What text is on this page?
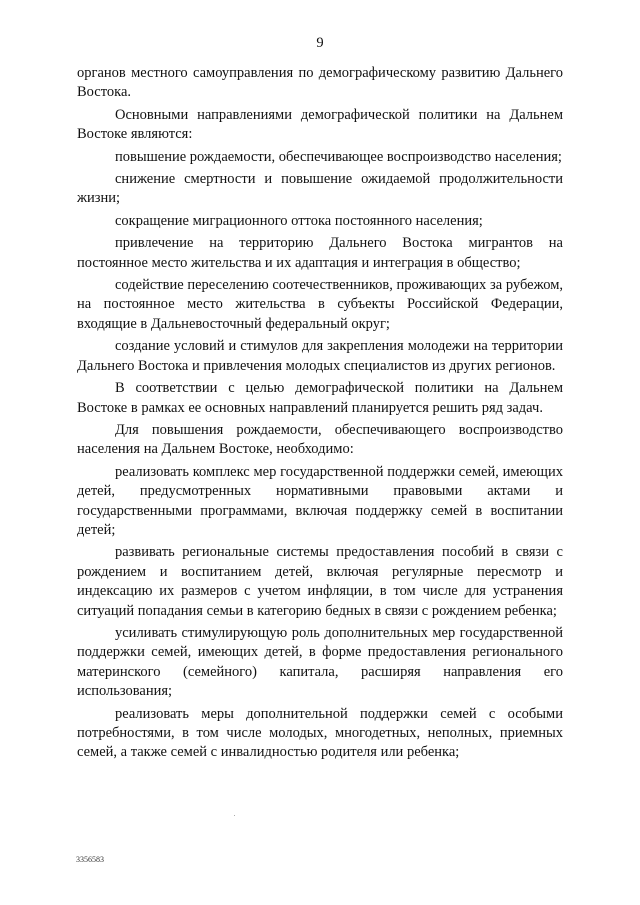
9

органов местного самоуправления по демографическому развитию Дальнего Востока.

Основными направлениями демографической политики на Дальнем Востоке являются:

повышение рождаемости, обеспечивающее воспроизводство населения;

снижение смертности и повышение ожидаемой продолжительности жизни;

сокращение миграционного оттока постоянного населения;

привлечение на территорию Дальнего Востока мигрантов на постоянное место жительства и их адаптация и интеграция в общество;

содействие переселению соотечественников, проживающих за рубежом, на постоянное место жительства в субъекты Российской Федерации, входящие в Дальневосточный федеральный округ;

создание условий и стимулов для закрепления молодежи на территории Дальнего Востока и привлечения молодых специалистов из других регионов.

В соответствии с целью демографической политики на Дальнем Востоке в рамках ее основных направлений планируется решить ряд задач.

Для повышения рождаемости, обеспечивающего воспроизводство населения на Дальнем Востоке, необходимо:

реализовать комплекс мер государственной поддержки семей, имеющих детей, предусмотренных нормативными правовыми актами и государственными программами, включая поддержку семей в воспитании детей;

развивать региональные системы предоставления пособий в связи с рождением и воспитанием детей, включая регулярные пересмотр и индексацию их размеров с учетом инфляции, в том числе для устранения ситуаций попадания семьи в категорию бедных в связи с рождением ребенка;

усиливать стимулирующую роль дополнительных мер государственной поддержки семей, имеющих детей, в форме предоставления регионального материнского (семейного) капитала, расширяя направления его использования;

реализовать меры дополнительной поддержки семей с особыми потребностями, в том числе молодых, многодетных, неполных, приемных семей, а также семей с инвалидностью родителя или ребенка;

3356583
